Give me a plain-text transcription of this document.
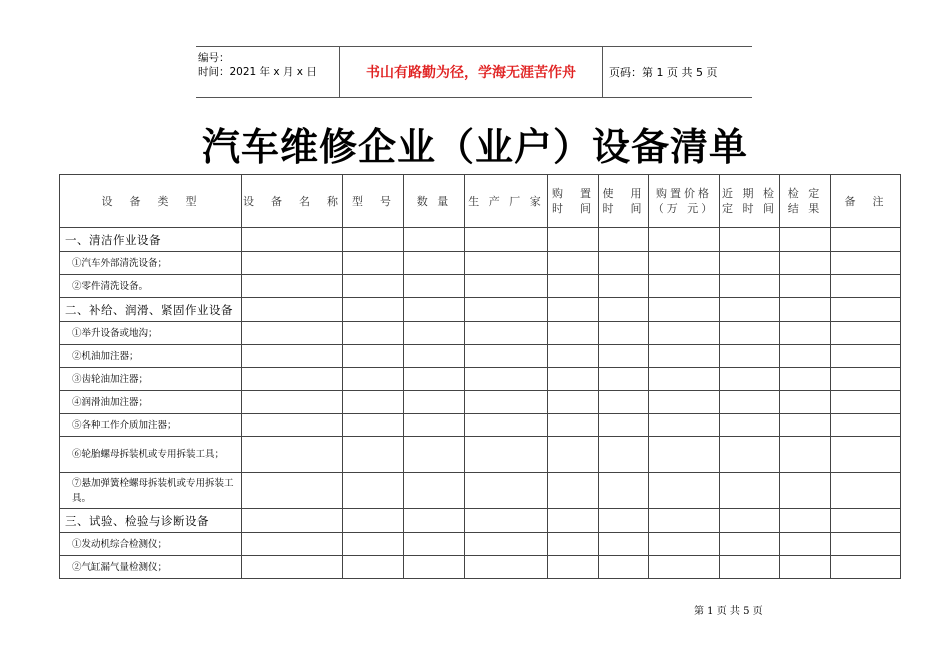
编号：
时间：2021 年 x 月 x 日	书山有路勤为径，学海无涯苦作舟	页码：第 1 页 共 5 页
汽车维修企业（业户）设备清单
设　备　类　型	设　备　名　称	型　号	数 量	生 产 厂 家	购　置 时　间	使　用 时　间	购置价格（万 元）	近 期 检 定 时 间	检 定 结 果	备　注
一、清洁作业设备										
①汽车外部清洗设备；										
②零件清洗设备。										
二、补给、润滑、紧固作业设备										
①举升设备或地沟；										
②机油加注器；										
③齿轮油加注器；										
④润滑油加注器；										
⑤各种工作介质加注器；										
⑥轮胎螺母拆装机或专用拆装工具；										
⑦悬加弹簧栓螺母拆装机或专用拆装工具。										
三、试验、检验与诊断设备										
①发动机综合检测仪；										
②气缸漏气量检测仪；										
第 1 页 共 5 页
